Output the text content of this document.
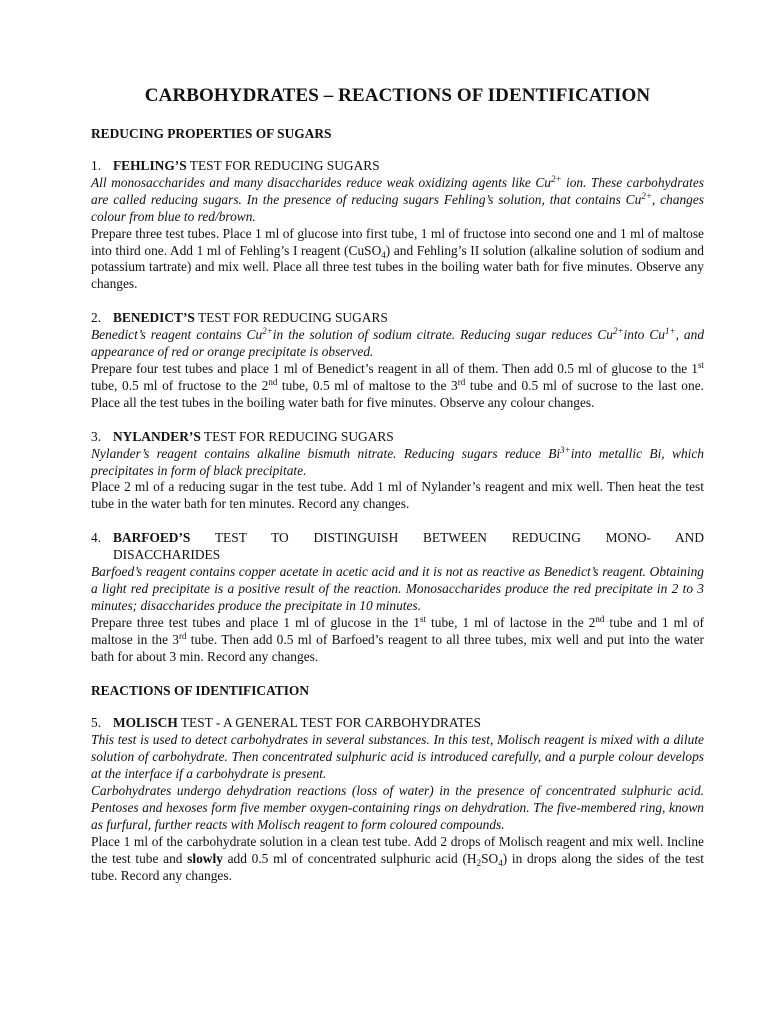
CARBOHYDRATES – REACTIONS OF IDENTIFICATION
REDUCING PROPERTIES OF SUGARS
1. FEHLING’S TEST FOR REDUCING SUGARS

All monosaccharides and many disaccharides reduce weak oxidizing agents like $Cu^{2+}$ ion. These carbohydrates are called reducing sugars. In the presence of reducing sugars Fehling’s solution, that contains $Cu^{2+}$, changes colour from blue to red/brown.

Prepare three test tubes. Place 1 ml of glucose into first tube, 1 ml of fructose into second one and 1 ml of maltose into third one. Add 1 ml of Fehling’s I reagent (CuSO$_4$) and Fehling’s II solution (alkaline solution of sodium and potassium tartrate) and mix well. Place all three test tubes in the boiling water bath for five minutes. Observe any changes.

2. BENEDICT’S TEST FOR REDUCING SUGARS

Benedict’s reagent contains $Cu^{2+}in$ the solution of sodium citrate. Reducing sugar reduces $Cu^{2+}into$ $Cu^{1+}$, and appearance of red or orange precipitate is observed.

Prepare four test tubes and place 1 ml of Benedict’s reagent in all of them. Then add 0.5 ml of glucose to the 1st tube, 0.5 ml of fructose to the 2nd tube, 0.5 ml of maltose to the 3rd tube and 0.5 ml of sucrose to the last one. Place all the test tubes in the boiling water bath for five minutes. Observe any colour changes.

3. NYLANDER’S TEST FOR REDUCING SUGARS

Nylander’s reagent contains alkaline bismuth nitrate. Reducing sugars reduce $Bi^{3+}into$ metallic Bi, which precipitates in form of black precipitate.

Place 2 ml of a reducing sugar in the test tube. Add 1 ml of Nylander’s reagent and mix well. Then heat the test tube in the water bath for ten minutes. Record any changes.

4. BARFOED’S TEST TO DISTINGUISH BETWEEN REDUCING MONO- AND
DISACCHARIDES

Barfoed’s reagent contains copper acetate in acetic acid and it is not as reactive as Benedict’s reagent. Obtaining a light red precipitate is a positive result of the reaction. Monosaccharides produce the red precipitate in 2 to 3 minutes; disaccharides produce the precipitate in 10 minutes.

Prepare three test tubes and place 1 ml of glucose in the 1st tube, 1 ml of lactose in the 2nd tube and 1 ml of maltose in the 3rd tube. Then add 0.5 ml of Barfoed’s reagent to all three tubes, mix well and put into the water bath for about 3 min. Record any changes.

REACTIONS OF IDENTIFICATION
5. MOLISCH TEST - A GENERAL TEST FOR CARBOHYDRATES

This test is used to detect carbohydrates in several substances. In this test, Molisch reagent is mixed with a dilute solution of carbohydrate. Then concentrated sulphuric acid is introduced carefully, and a purple colour develops at the interface if a carbohydrate is present.

Carbohydrates undergo dehydration reactions (loss of water) in the presence of concentrated sulphuric acid. Pentoses and hexoses form five member oxygen-containing rings on dehydration. The five-membered ring, known as furfural, further reacts with Molisch reagent to form coloured compounds.

Place 1 ml of the carbohydrate solution in a clean test tube. Add 2 drops of Molisch reagent and mix well. Incline the test tube and slowly add 0.5 ml of concentrated sulphuric acid $(H_2SO_4)$ in drops along the sides of the test tube. Record any changes.
